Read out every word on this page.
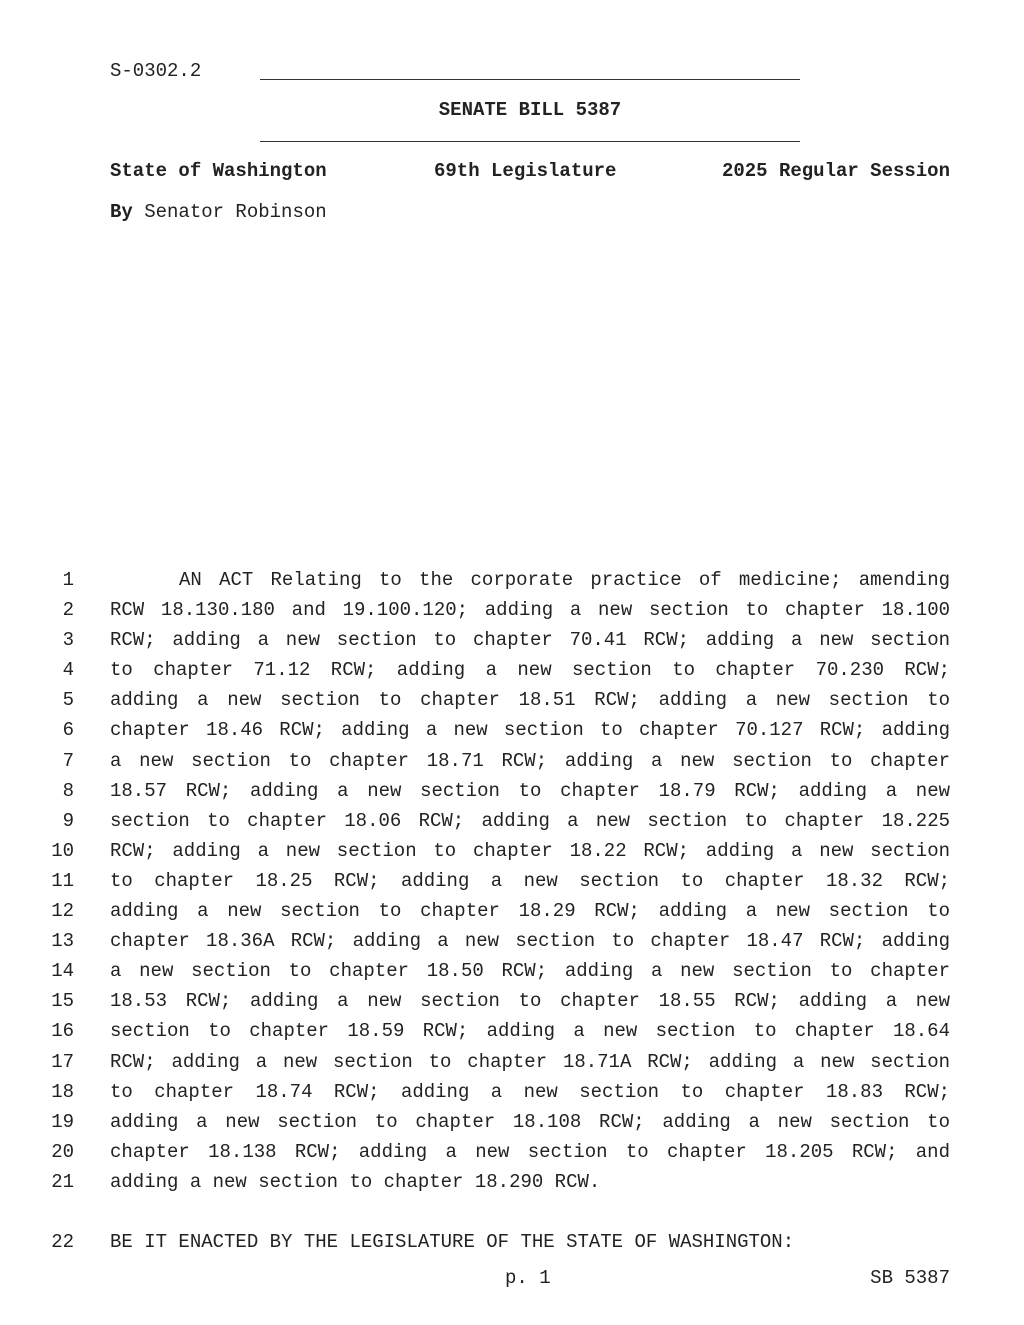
S-0302.2
SENATE BILL 5387
State of Washington	69th Legislature	2025 Regular Session
By Senator Robinson
1 AN ACT Relating to the corporate practice of medicine; amending
2 RCW 18.130.180 and 19.100.120; adding a new section to chapter 18.100
3 RCW; adding a new section to chapter 70.41 RCW; adding a new section
4 to chapter 71.12 RCW; adding a new section to chapter 70.230 RCW;
5 adding a new section to chapter 18.51 RCW; adding a new section to
6 chapter 18.46 RCW; adding a new section to chapter 70.127 RCW; adding
7 a new section to chapter 18.71 RCW; adding a new section to chapter
8 18.57 RCW; adding a new section to chapter 18.79 RCW; adding a new
9 section to chapter 18.06 RCW; adding a new section to chapter 18.225
10 RCW; adding a new section to chapter 18.22 RCW; adding a new section
11 to chapter 18.25 RCW; adding a new section to chapter 18.32 RCW;
12 adding a new section to chapter 18.29 RCW; adding a new section to
13 chapter 18.36A RCW; adding a new section to chapter 18.47 RCW; adding
14 a new section to chapter 18.50 RCW; adding a new section to chapter
15 18.53 RCW; adding a new section to chapter 18.55 RCW; adding a new
16 section to chapter 18.59 RCW; adding a new section to chapter 18.64
17 RCW; adding a new section to chapter 18.71A RCW; adding a new section
18 to chapter 18.74 RCW; adding a new section to chapter 18.83 RCW;
19 adding a new section to chapter 18.108 RCW; adding a new section to
20 chapter 18.138 RCW; adding a new section to chapter 18.205 RCW; and
21 adding a new section to chapter 18.290 RCW.
22 BE IT ENACTED BY THE LEGISLATURE OF THE STATE OF WASHINGTON:
p. 1	SB 5387
